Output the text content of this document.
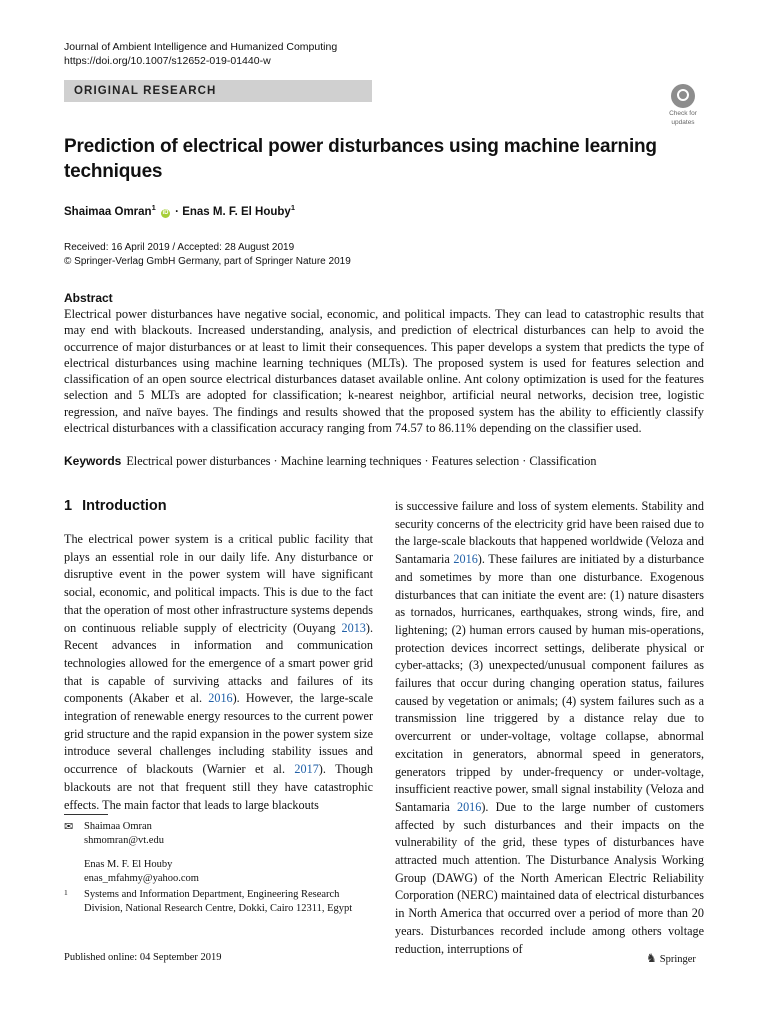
Journal of Ambient Intelligence and Humanized Computing
https://doi.org/10.1007/s12652-019-01440-w
ORIGINAL RESEARCH
Check for
updates
Prediction of electrical power disturbances using machine learning techniques
Shaimaa Omran$^1$ iD · Enas M. F. El Houby$^1$
Received: 16 April 2019 / Accepted: 28 August 2019
© Springer-Verlag GmbH Germany, part of Springer Nature 2019
Abstract
Electrical power disturbances have negative social, economic, and political impacts. They can lead to catastrophic results that may end with blackouts. Increased understanding, analysis, and prediction of electrical disturbances can help to avoid the occurrence of major disturbances or at least to limit their consequences. This paper develops a system that predicts the type of electrical disturbances using machine learning techniques (MLTs). The proposed system is used for features selection and classification of an open source electrical disturbances dataset available online. Ant colony optimization is used for the features selection and 5 MLTs are adopted for classification; k-nearest neighbor, artificial neural networks, decision tree, logistic regression, and naïve bayes. The findings and results showed that the proposed system has the ability to efficiently classify electrical disturbances with a classification accuracy ranging from 74.57 to 86.11% depending on the classifier used.
Keywords Electrical power disturbances · Machine learning techniques · Features selection · Classification
1 Introduction

The electrical power system is a critical public facility that plays an essential role in our daily life. Any disturbance or disruptive event in the power system will have significant social, economic, and political impacts. This is due to the fact that the operation of most other infrastructure systems depends on continuous reliable supply of electricity (Ouyang 2013). Recent advances in information and communication technologies allowed for the emergence of a smart power grid that is capable of surviving attacks and failures of its components (Akaber et al. 2016). However, the large-scale integration of renewable energy resources to the current power grid structure and the rapid expansion in the power system size introduce several challenges including stability issues and occurrence of blackouts (Warnier et al. 2017). Though blackouts are not that frequent still they have catastrophic effects. The main factor that leads to large blackouts

is successive failure and loss of system elements. Stability and security concerns of the electricity grid have been raised due to the large-scale blackouts that happened worldwide (Veloza and Santamaria 2016). These failures are initiated by a disturbance and sometimes by more than one disturbance. Exogenous disturbances that can initiate the event are: (1) nature disasters as tornados, hurricanes, earthquakes, strong winds, fire, and lightening; (2) human errors caused by human mis-operations, protection devices incorrect settings, deliberate physical or cyber-attacks; (3) unexpected/unusual component failures as failures that occur during changing operation status, failures caused by vegetation or animals; (4) system failures such as a transmission line triggered by a distance relay due to overcurrent or under-voltage, voltage collapse, abnormal excitation in generators, abnormal speed in generators, generators tripped by under-frequency or under-voltage, insufficient reactive power, small signal instability (Veloza and Santamaria 2016). Due to the large number of customers affected by such disturbances and their impacts on the vulnerability of the grid, these types of disturbances have attracted much attention. The Disturbance Analysis Working Group (DAWG) of the North American Electric Reliability Corporation (NERC) maintained data of electrical disturbances in North America that occurred over a period of more than 20 years. Disturbances recorded include among others voltage reduction, interruptions of

✉ Shaimaa Omran
shmomran@vt.edu
Enas M. F. El Houby
enas_mfahmy@yahoo.com
1 Systems and Information Department, Engineering Research Division, National Research Centre, Dokki, Cairo 12311, Egypt
Published online: 04 September 2019	♞ Springer
